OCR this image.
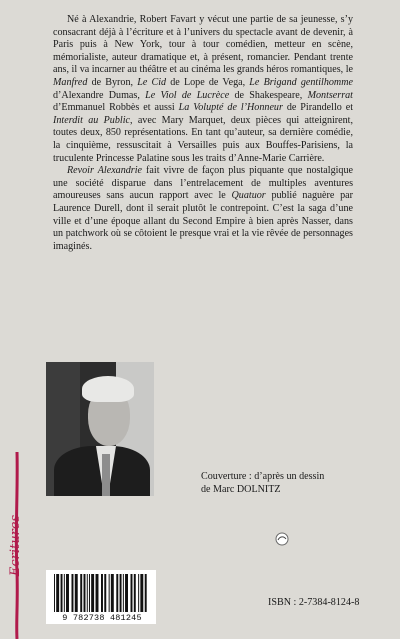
Né à Alexandrie, Robert Favart y vécut une partie de sa jeunesse, s’y consacrant déjà à l’écriture et à l’univers du spectacle avant de devenir, à Paris puis à New York, tour à tour comédien, metteur en scène, mémorialiste, auteur dramatique et, à présent, romancier. Pendant trente ans, il va incarner au théâtre et au cinéma les grands héros romantiques, le Manfred de Byron, Le Cid de Lope de Vega, Le Brigand gentilhomme d’Alexandre Dumas, Le Viol de Lucrèce de Shakespeare, Montserrat d’Emmanuel Robbès et aussi La Volupté de l’Honneur de Pirandello et Interdit au Public, avec Mary Marquet, deux pièces qui atteignirent, toutes deux, 850 représentations. En tant qu’auteur, sa dernière comédie, la cinquième, ressuscitait à Versailles puis aux Bouffes-Parisiens, la truculente Princesse Palatine sous les traits d’Anne-Marie Carrière.

Revoir Alexandrie fait vivre de façon plus piquante que nostalgique une société disparue dans l’entrelacement de multiples aventures amoureuses sans aucun rapport avec le Quatuor publié naguère par Laurence Durell, dont il serait plutôt le contrepoint. C’est la saga d’une ville et d’une époque allant du Second Empire à bien après Nasser, dans un patchwork où se côtoient le presque vrai et la vie rêvée de personnages imaginés.

Couverture : d’après un dessin
de Marc DOLNITZ
Ecritures
9 782738 481245
ISBN : 2-7384-8124-8
